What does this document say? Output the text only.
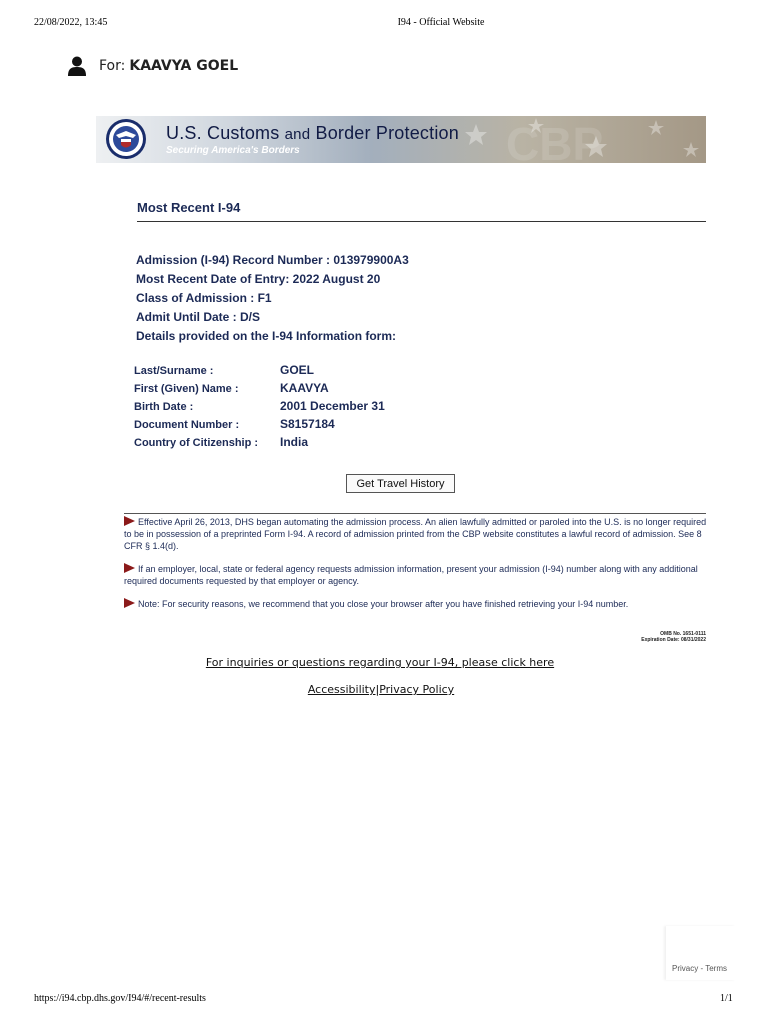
22/08/2022, 13:45	I94 - Official Website
For: KAAVYA GOEL
CBP
U.S. Customs and Border Protection
Securing America's Borders
Most Recent I-94
Admission (I-94) Record Number : 013979900A3
Most Recent Date of Entry: 2022 August 20
Class of Admission : F1
Admit Until Date : D/S
Details provided on the I-94 Information form:
Last/Surname :	GOEL
First (Given) Name :	KAAVYA
Birth Date :	2001 December 31
Document Number :	S8157184
Country of Citizenship : India
Get Travel History
Effective April 26, 2013, DHS began automating the admission process. An alien lawfully admitted or paroled into the U.S. is no longer required to be in possession of a preprinted Form I-94. A record of admission printed from the CBP website constitutes a lawful record of admission. See 8 CFR § 1.4(d).
If an employer, local, state or federal agency requests admission information, present your admission (I-94) number along with any additional required documents requested by that employer or agency.
Note: For security reasons, we recommend that you close your browser after you have finished retrieving your I-94 number.
OMB No. 1651-0111
Expiration Date: 08/31/2022
For inquiries or questions regarding your I-94, please click here
Accessibility|Privacy Policy
Privacy - Terms
https://i94.cbp.dhs.gov/I94/#/recent-results	1/1
